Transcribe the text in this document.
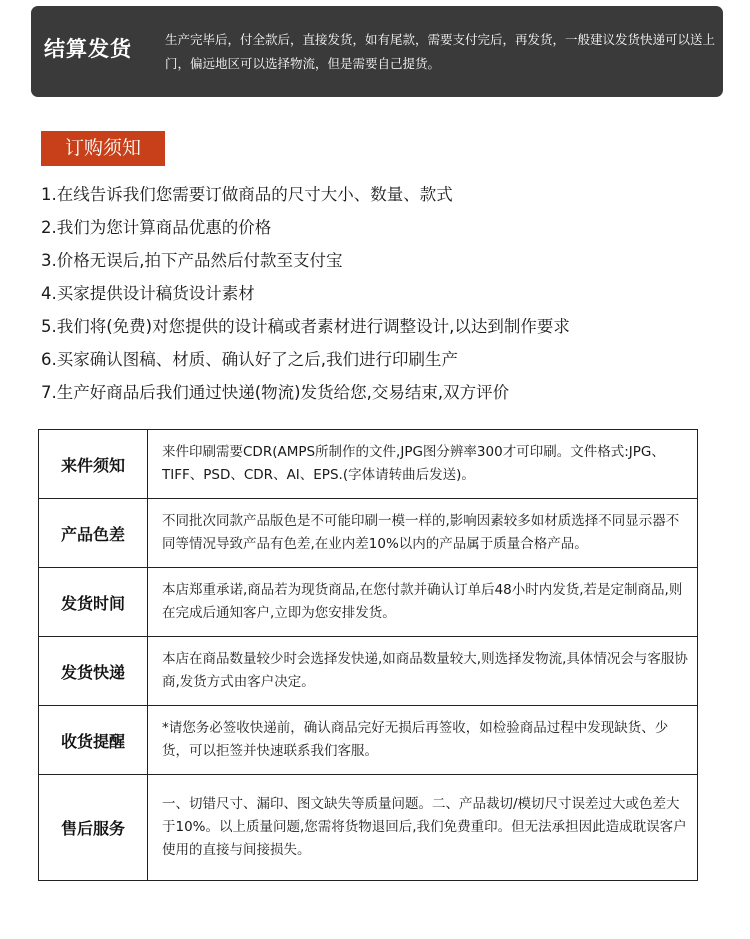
结算发货	生产完毕后，付全款后，直接发货，如有尾款，需要支付完后，再发货，一般建议发货快递可以送上门，偏远地区可以选择物流，但是需要自己提货。
订购须知
1.在线告诉我们您需要订做商品的尺寸大小、数量、款式
2.我们为您计算商品优惠的价格
3.价格无误后,拍下产品然后付款至支付宝
4.买家提供设计稿货设计素材
5.我们将(免费)对您提供的设计稿或者素材进行调整设计,以达到制作要求
6.买家确认图稿、材质、确认好了之后,我们进行印刷生产
7.生产好商品后我们通过快递(物流)发货给您,交易结束,双方评价
来件须知	来件印刷需要CDR(AMPS所制作的文件,JPG图分辨率300才可印刷。文件格式:JPG、TIFF、PSD、CDR、AI、EPS.(字体请转曲后发送)。
产品色差	不同批次同款产品版色是不可能印刷一模一样的,影响因素较多如材质选择不同显示器不同等情况导致产品有色差,在业内差10%以内的产品属于质量合格产品。
发货时间	本店郑重承诺,商品若为现货商品,在您付款并确认订单后48小时内发货,若是定制商品,则在完成后通知客户,立即为您安排发货。
发货快递	本店在商品数量较少时会选择发快递,如商品数量较大,则选择发物流,具体情况会与客服协商,发货方式由客户决定。
收货提醒	*请您务必签收快递前，确认商品完好无损后再签收，如检验商品过程中发现缺货、少货，可以拒签并快速联系我们客服。
售后服务	一、切错尺寸、漏印、图文缺失等质量问题。二、产品裁切/模切尺寸误差过大或色差大于10%。以上质量问题,您需将货物退回后,我们免费重印。但无法承担因此造成耽误客户使用的直接与间接损失。
